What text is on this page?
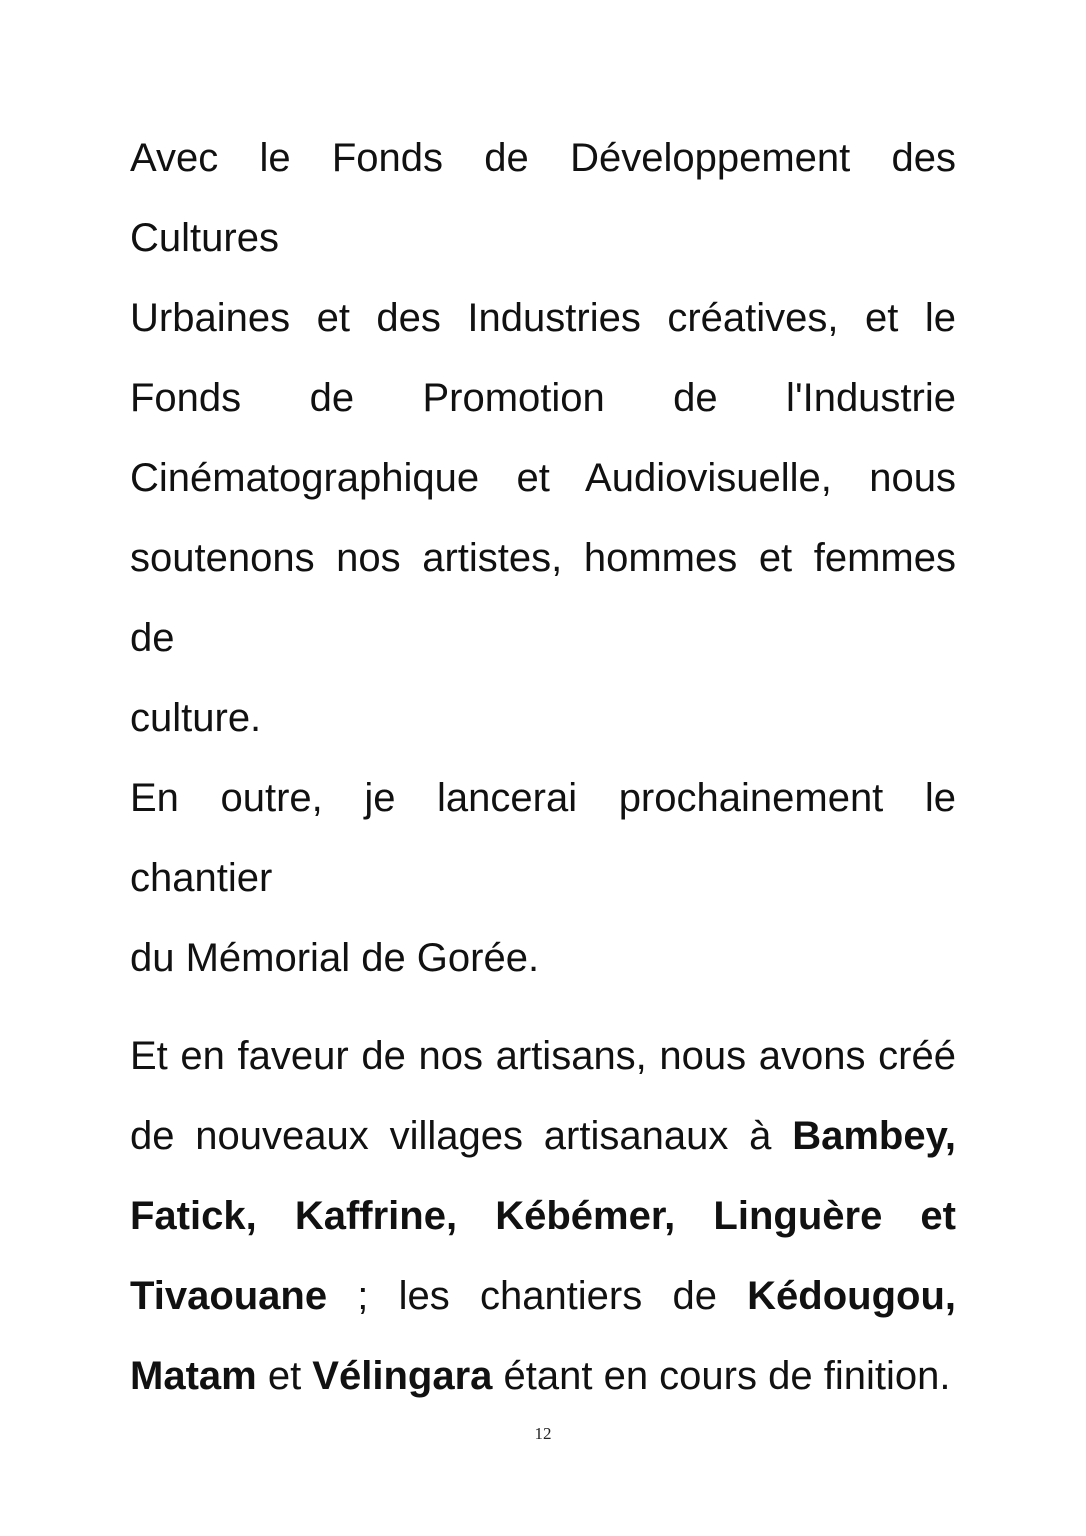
Avec le Fonds de Développement des Cultures
Urbaines et des Industries créatives, et le
Fonds de Promotion de l'Industrie
Cinématographique et Audiovisuelle, nous
soutenons nos artistes, hommes et femmes de
culture.
En outre, je lancerai prochainement le chantier
du Mémorial de Gorée.
Et en faveur de nos artisans, nous avons créé
de nouveaux villages artisanaux à Bambey,
Fatick, Kaffrine, Kébémer, Linguère et
Tivaouane ; les chantiers de Kédougou,
Matam et Vélingara étant en cours de finition.
12
